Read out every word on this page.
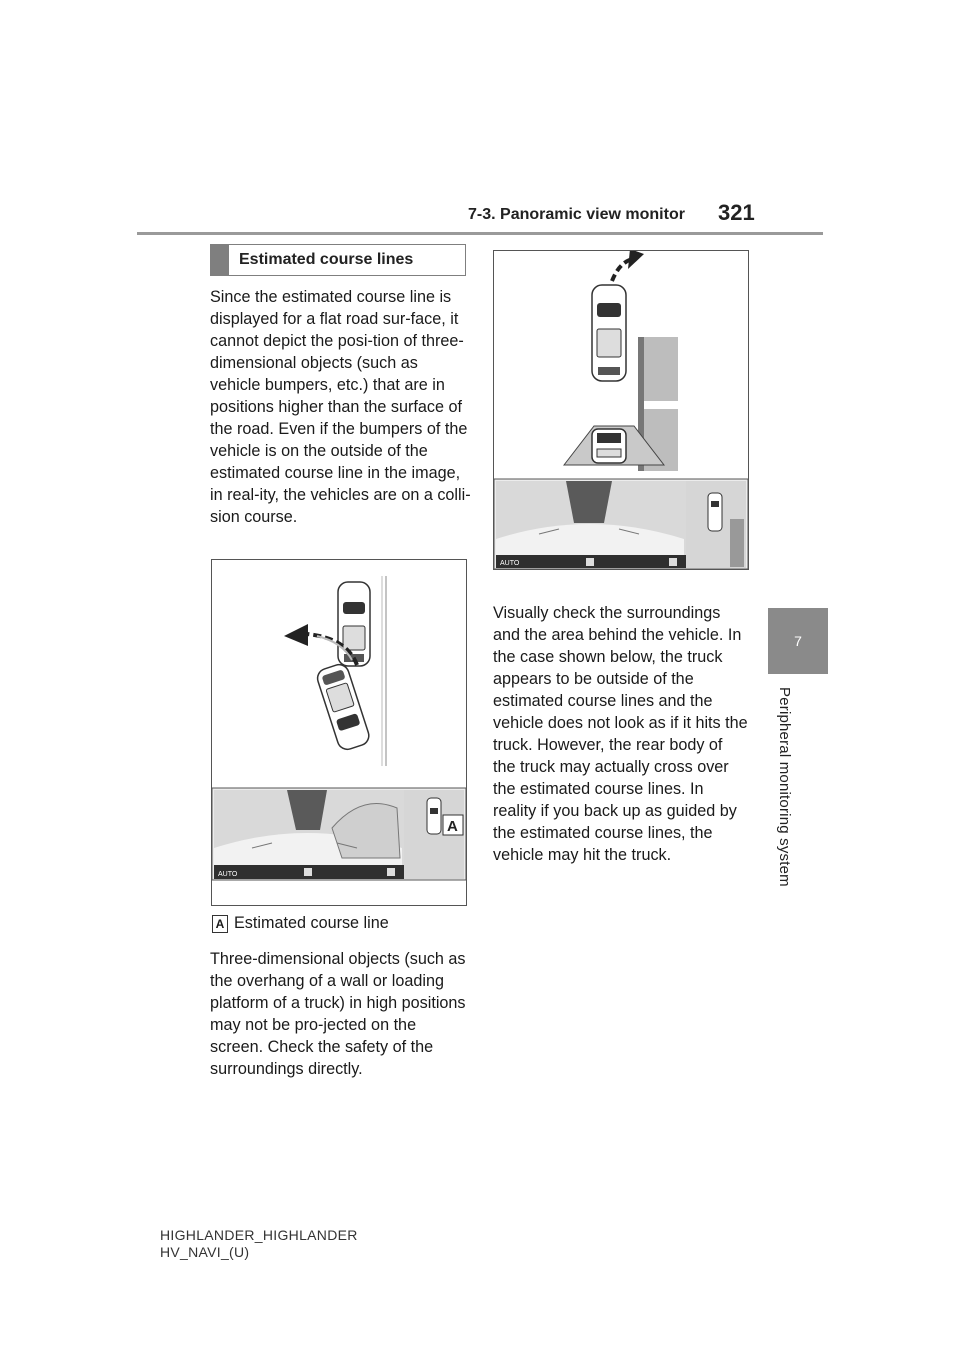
7-3. Panoramic view monitor 321
7
Peripheral monitoring system
Estimated course lines

Since the estimated course line is displayed for a flat road sur-face, it cannot depict the posi-tion of three-dimensional objects (such as vehicle bumpers, etc.) that are in positions higher than the surface of the road. Even if the bumpers of the vehicle is on the outside of the estimated course line in the image, in real-ity, the vehicles are on a colli-sion course.

AUTO
A
A Estimated course line

Three-dimensional objects (such as the overhang of a wall or loading platform of a truck) in high positions may not be pro-jected on the screen. Check the safety of the surroundings directly.

AUTO

Visually check the surroundings and the area behind the vehicle. In the case shown below, the truck appears to be outside of the estimated course lines and the vehicle does not look as if it hits the truck. However, the rear body of the truck may actually cross over the estimated course lines. In reality if you back up as guided by the estimated course lines, the vehicle may hit the truck.

HIGHLANDER_HIGHLANDER
HV_NAVI_(U)
